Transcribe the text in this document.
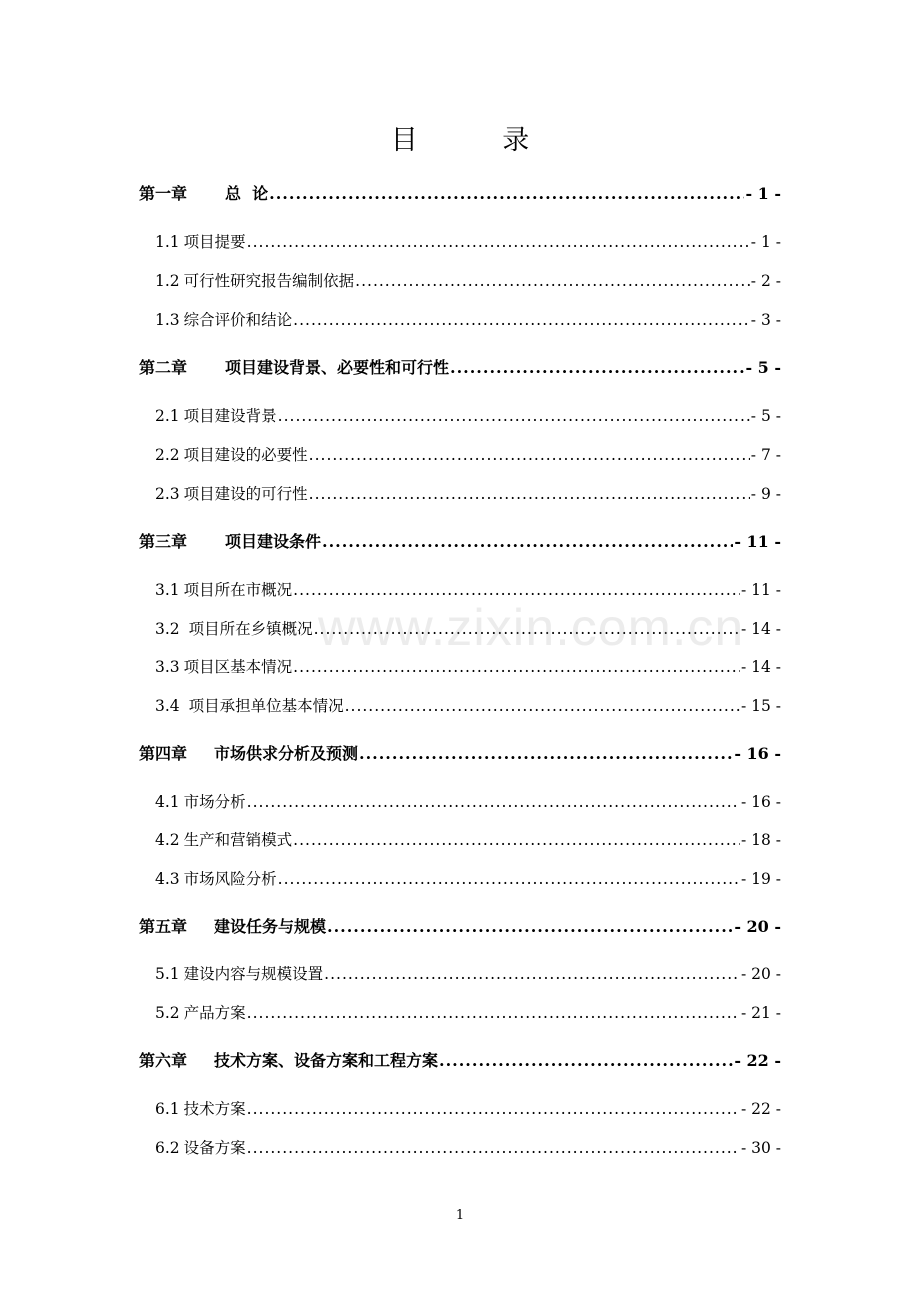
目 录
第一章	总  论 .....	- 1 -
1.1 项目提要 .....	- 1 -
1.2 可行性研究报告编制依据 .....	- 2 -
1.3 综合评价和结论 .....	- 3 -
第二章	项目建设背景、必要性和可行性 .....	- 5 -
2.1 项目建设背景 .....	- 5 -
2.2 项目建设的必要性 .....	- 7 -
2.3 项目建设的可行性 .....	- 9 -
第三章	项目建设条件 .....	- 11 -
3.1 项目所在市概况 .....	- 11 -
3.2 项目所在乡镇概况 .....	- 14 -
3.3 项目区基本情况 .....	- 14 -
3.4 项目承担单位基本情况 .....	- 15 -
第四章	市场供求分析及预测 .....	- 16 -
4.1 市场分析 .....	- 16 -
4.2 生产和营销模式 .....	- 18 -
4.3 市场风险分析 .....	- 19 -
第五章	建设任务与规模 .....	- 20 -
5.1 建设内容与规模设置 .....	- 20 -
5.2 产品方案 .....	- 21 -
第六章	技术方案、设备方案和工程方案 .....	- 22 -
6.1 技术方案 .....	- 22 -
6.2 设备方案 .....	- 30 -
www.zixin.com.cn
1
